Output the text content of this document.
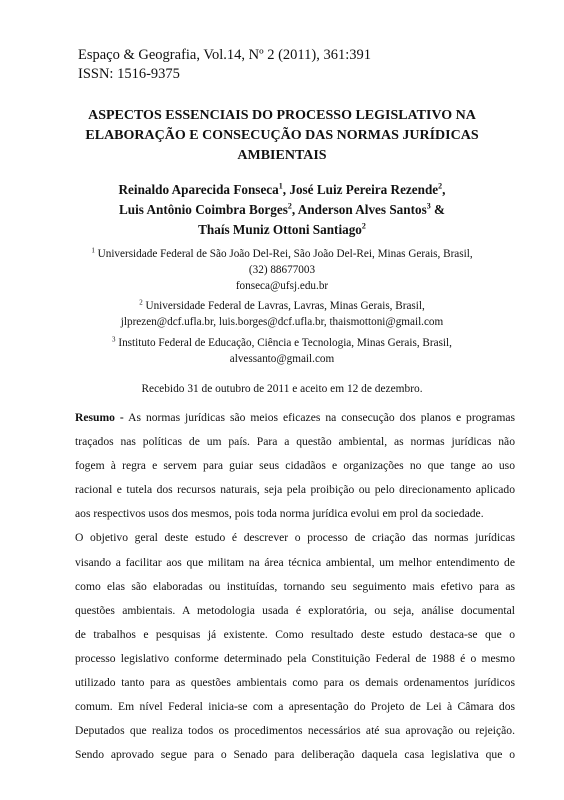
Espaço & Geografia, Vol.14, Nº 2 (2011), 361:391
ISSN: 1516-9375
ASPECTOS ESSENCIAIS DO PROCESSO LEGISLATIVO NA
ELABORAÇÃO E CONSECUÇÃO DAS NORMAS JURÍDICAS
AMBIENTAIS
Reinaldo Aparecida Fonseca$^1$, José Luiz Pereira Rezende$^2$,
Luis Antônio Coimbra Borges$^2$, Anderson Alves Santos$^3$ &
Thaís Muniz Ottoni Santiago$^2$
$^1$ Universidade Federal de São João Del-Rei, São João Del-Rei, Minas Gerais, Brasil,
(32) 88677003
fonseca@ufsj.edu.br
$^2$ Universidade Federal de Lavras, Lavras, Minas Gerais, Brasil,
jlprezen@dcf.ufla.br, luis.borges@dcf.ufla.br, thaismottoni@gmail.com
$^3$ Instituto Federal de Educação, Ciência e Tecnologia, Minas Gerais, Brasil,
alvessanto@gmail.com
Recebido 31 de outubro de 2011 e aceito em 12 de dezembro.
Resumo - As normas jurídicas são meios eficazes na consecução dos planos e programas
traçados nas políticas de um país. Para a questão ambiental, as normas jurídicas não
fogem à regra e servem para guiar seus cidadãos e organizações no que tange ao uso
racional e tutela dos recursos naturais, seja pela proibição ou pelo direcionamento aplicado
aos respectivos usos dos mesmos, pois toda norma jurídica evolui em prol da sociedade.
O objetivo geral deste estudo é descrever o processo de criação das normas jurídicas
visando a facilitar aos que militam na área técnica ambiental, um melhor entendimento de
como elas são elaboradas ou instituídas, tornando seu seguimento mais efetivo para as
questões ambientais. A metodologia usada é exploratória, ou seja, análise documental
de trabalhos e pesquisas já existente. Como resultado deste estudo destaca-se que o
processo legislativo conforme determinado pela Constituição Federal de 1988 é o mesmo
utilizado tanto para as questões ambientais como para os demais ordenamentos jurídicos
comum. Em nível Federal inicia-se com a apresentação do Projeto de Lei à Câmara dos
Deputados que realiza todos os procedimentos necessários até sua aprovação ou rejeição.
Sendo aprovado segue para o Senado para deliberação daquela casa legislativa que o
